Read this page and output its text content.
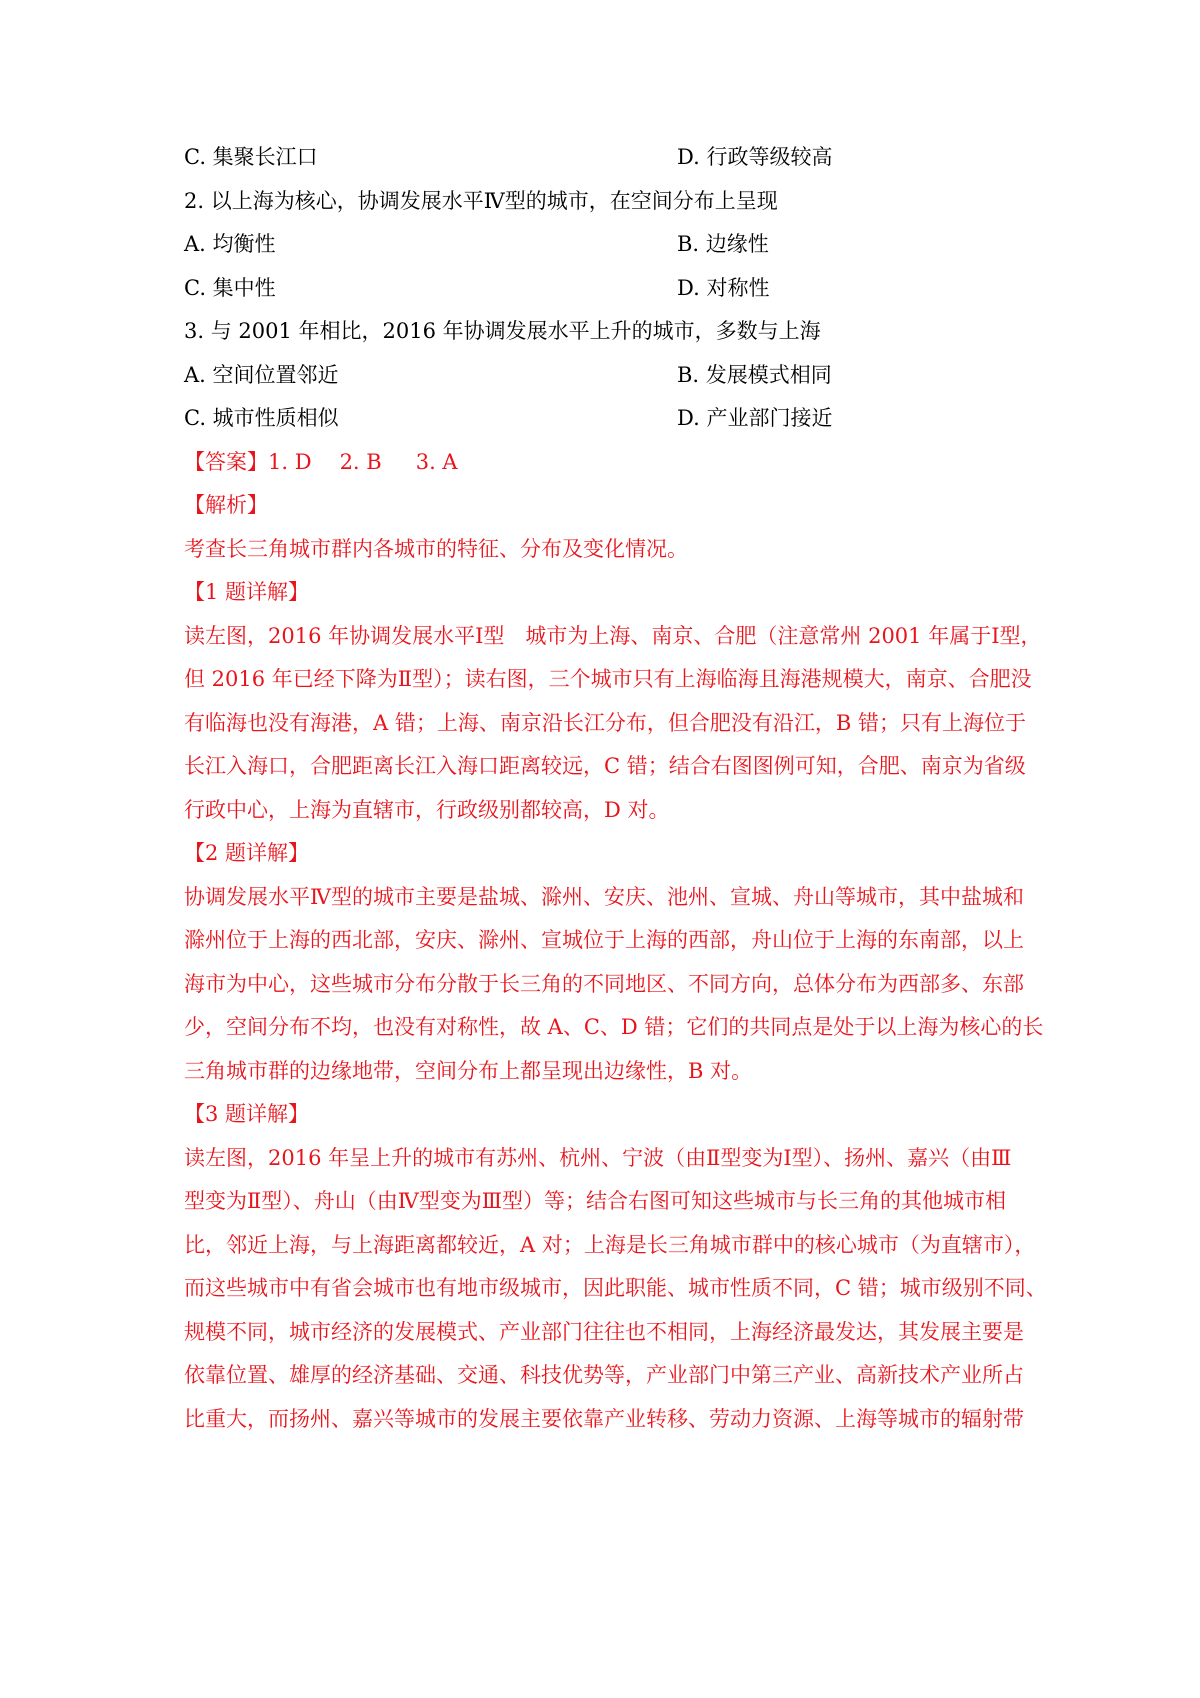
C. 集聚长江口	D. 行政等级较高
2. 以上海为核心，协调发展水平Ⅳ型的城市，在空间分布上呈现
A. 均衡性	B. 边缘性
C. 集中性	D. 对称性
3. 与 2001 年相比，2016 年协调发展水平上升的城市，多数与上海
A. 空间位置邻近	B. 发展模式相同
C. 城市性质相似	D. 产业部门接近
【答案】1. D 2. B 3. A
【解析】
考查长三角城市群内各城市的特征、分布及变化情况。
【1 题详解】
读左图，2016 年协调发展水平Ⅰ型　城市为上海、南京、合肥（注意常州 2001 年属于Ⅰ型，
但 2016 年已经下降为Ⅱ型）；读右图，三个城市只有上海临海且海港规模大，南京、合肥没
有临海也没有海港，A 错；上海、南京沿长江分布，但合肥没有沿江，B 错；只有上海位于
长江入海口，合肥距离长江入海口距离较远，C 错；结合右图图例可知，合肥、南京为省级
行政中心，上海为直辖市，行政级别都较高，D 对。
【2 题详解】
协调发展水平Ⅳ型的城市主要是盐城、滁州、安庆、池州、宣城、舟山等城市，其中盐城和
滁州位于上海的西北部，安庆、滁州、宣城位于上海的西部，舟山位于上海的东南部，以上
海市为中心，这些城市分布分散于长三角的不同地区、不同方向，总体分布为西部多、东部
少，空间分布不均，也没有对称性，故 A、C、D 错；它们的共同点是处于以上海为核心的长
三角城市群的边缘地带，空间分布上都呈现出边缘性，B 对。
【3 题详解】
读左图，2016 年呈上升的城市有苏州、杭州、宁波（由Ⅱ型变为Ⅰ型）、扬州、嘉兴（由Ⅲ
型变为Ⅱ型）、舟山（由Ⅳ型变为Ⅲ型）等；结合右图可知这些城市与长三角的其他城市相
比，邻近上海，与上海距离都较近，A 对；上海是长三角城市群中的核心城市（为直辖市），
而这些城市中有省会城市也有地市级城市，因此职能、城市性质不同，C 错；城市级别不同、
规模不同，城市经济的发展模式、产业部门往往也不相同，上海经济最发达，其发展主要是
依靠位置、雄厚的经济基础、交通、科技优势等，产业部门中第三产业、高新技术产业所占
比重大，而扬州、嘉兴等城市的发展主要依靠产业转移、劳动力资源、上海等城市的辐射带
